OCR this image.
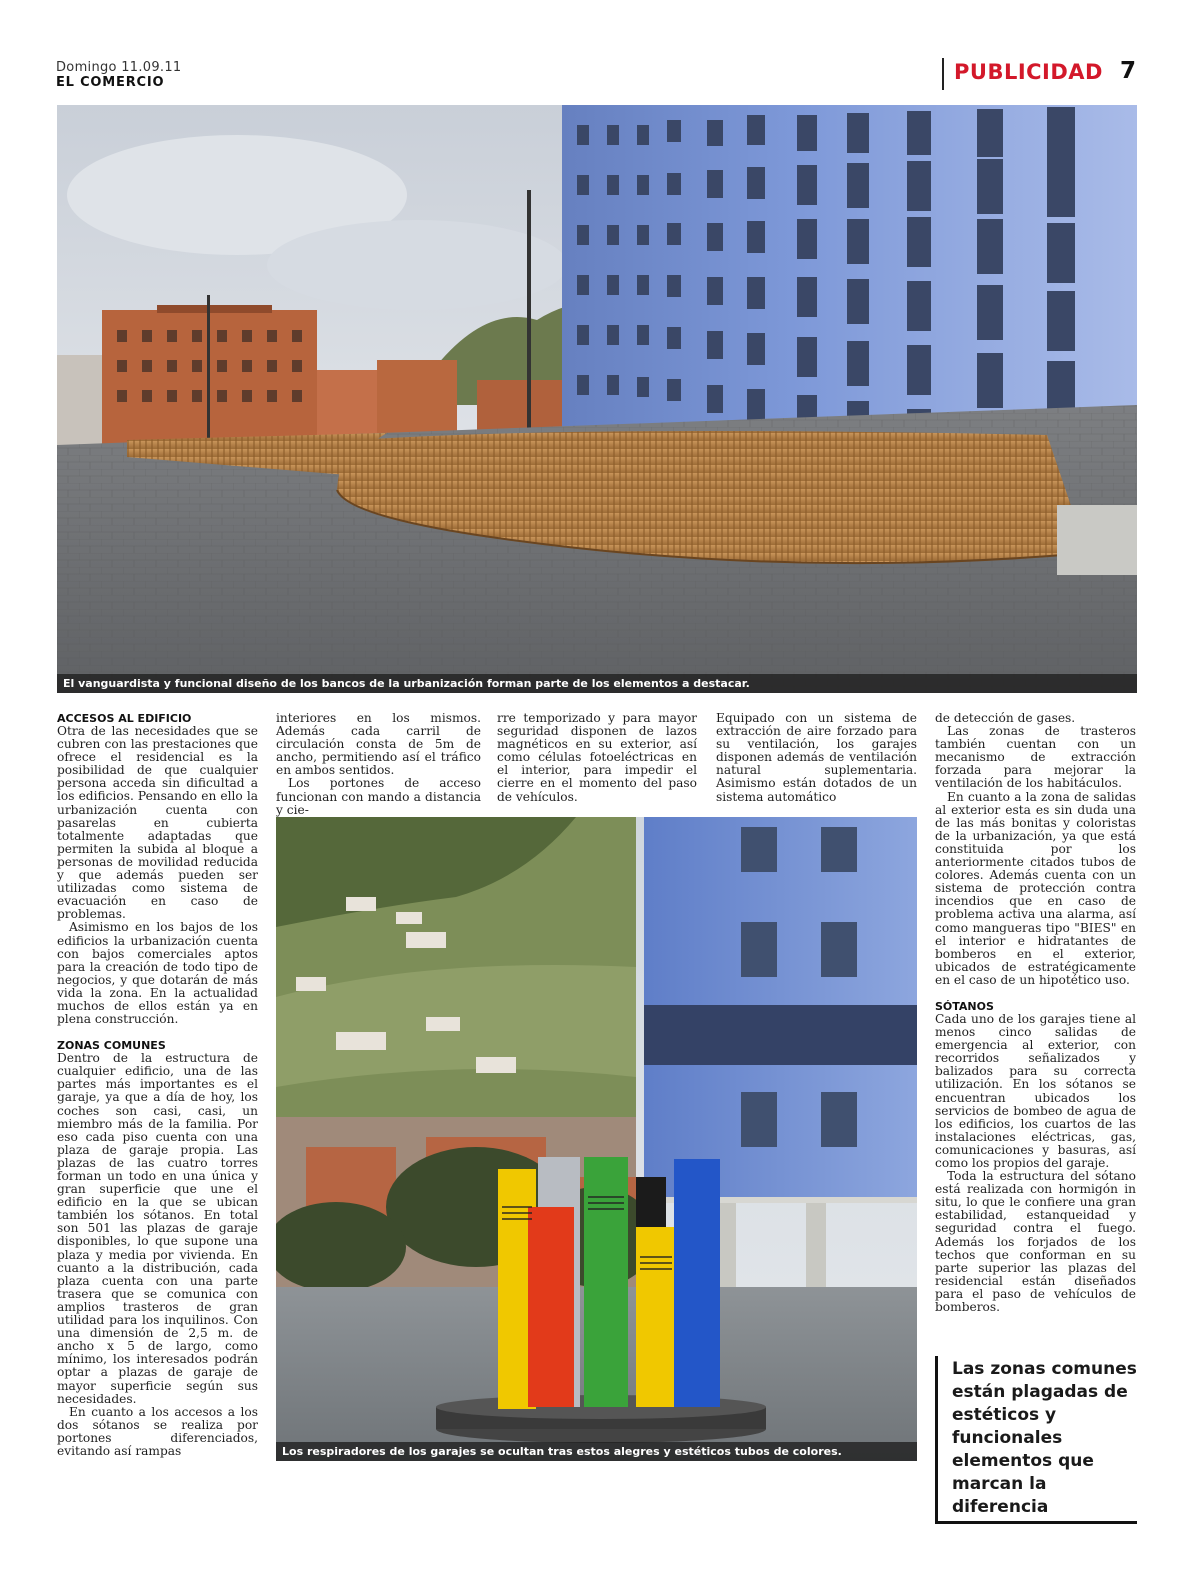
Domingo 11.09.11
EL COMERCIO	PUBLICIDAD 7
El vanguardista y funcional diseño de los bancos de la urbanización forman parte de los elementos a destacar.
Los respiradores de los garajes se ocultan tras estos alegres y estéticos tubos de colores.
ACCESOS AL EDIFICIO

Otra de las necesidades que se cubren con las prestaciones que ofrece el residencial es la posibilidad de que cualquier persona acceda sin dificultad a los edificios. Pensando en ello la urbanización cuenta con pasarelas en cubierta totalmente adaptadas que permiten la subida al bloque a personas de movilidad reducida y que además pueden ser utilizadas como sistema de evacuación en caso de problemas.

Asimismo en los bajos de los edificios la urbanización cuenta con bajos comerciales aptos para la creación de todo tipo de negocios, y que dotarán de más vida la zona. En la actualidad muchos de ellos están ya en plena construcción.

ZONAS COMUNES

Dentro de la estructura de cualquier edificio, una de las partes más importantes es el garaje, ya que a día de hoy, los coches son casi, casi, un miembro más de la familia. Por eso cada piso cuenta con una plaza de garaje propia. Las plazas de las cuatro torres forman un todo en una única y gran superficie que une el edificio en la que se ubican también los sótanos. En total son 501 las plazas de garaje disponibles, lo que supone una plaza y media por vivienda. En cuanto a la distribución, cada plaza cuenta con una parte trasera que se comunica con amplios trasteros de gran utilidad para los inquilinos. Con una dimensión de 2,5 m. de ancho x 5 de largo, como mínimo, los interesados podrán optar a plazas de garaje de mayor superficie según sus necesidades.

En cuanto a los accesos a los dos sótanos se realiza por portones diferenciados, evitando así rampas

interiores en los mismos. Además cada carril de circulación consta de 5m de ancho, permitiendo así el tráfico en ambos sentidos.

Los portones de acceso funcionan con mando a distancia y cie-

rre temporizado y para mayor seguridad disponen de lazos magnéticos en su exterior, así como células fotoeléctricas en el interior, para impedir el cierre en el momento del paso de vehículos.

Equipado con un sistema de extracción de aire forzado para su ventilación, los garajes disponen además de ventilación natural suplementaria. Asimismo están dotados de un sistema automático

de detección de gases.

Las zonas de trasteros también cuentan con un mecanismo de extracción forzada para mejorar la ventilación de los habitáculos.

En cuanto a la zona de salidas al exterior esta es sin duda una de las más bonitas y coloristas de la urbanización, ya que está constituida por los anteriormente citados tubos de colores. Además cuenta con un sistema de protección contra incendios que en caso de problema activa una alarma, así como mangueras tipo "BIES" en el interior e hidratantes de bomberos en el exterior, ubicados de estratégicamente en el caso de un hipotético uso.

SÓTANOS

Cada uno de los garajes tiene al menos cinco salidas de emergencia al exterior, con recorridos señalizados y balizados para su correcta utilización. En los sótanos se encuentran ubicados los servicios de bombeo de agua de los edificios, los cuartos de las instalaciones eléctricas, gas, comunicaciones y basuras, así como los propios del garaje.

Toda la estructura del sótano está realizada con hormigón in situ, lo que le confiere una gran estabilidad, estanqueidad y seguridad contra el fuego. Además los forjados de los techos que conforman en su parte superior las plazas del residencial están diseñados para el paso de vehículos de bomberos.

Las zonas comunes están plagadas de estéticos y funcionales elementos que marcan la diferencia
